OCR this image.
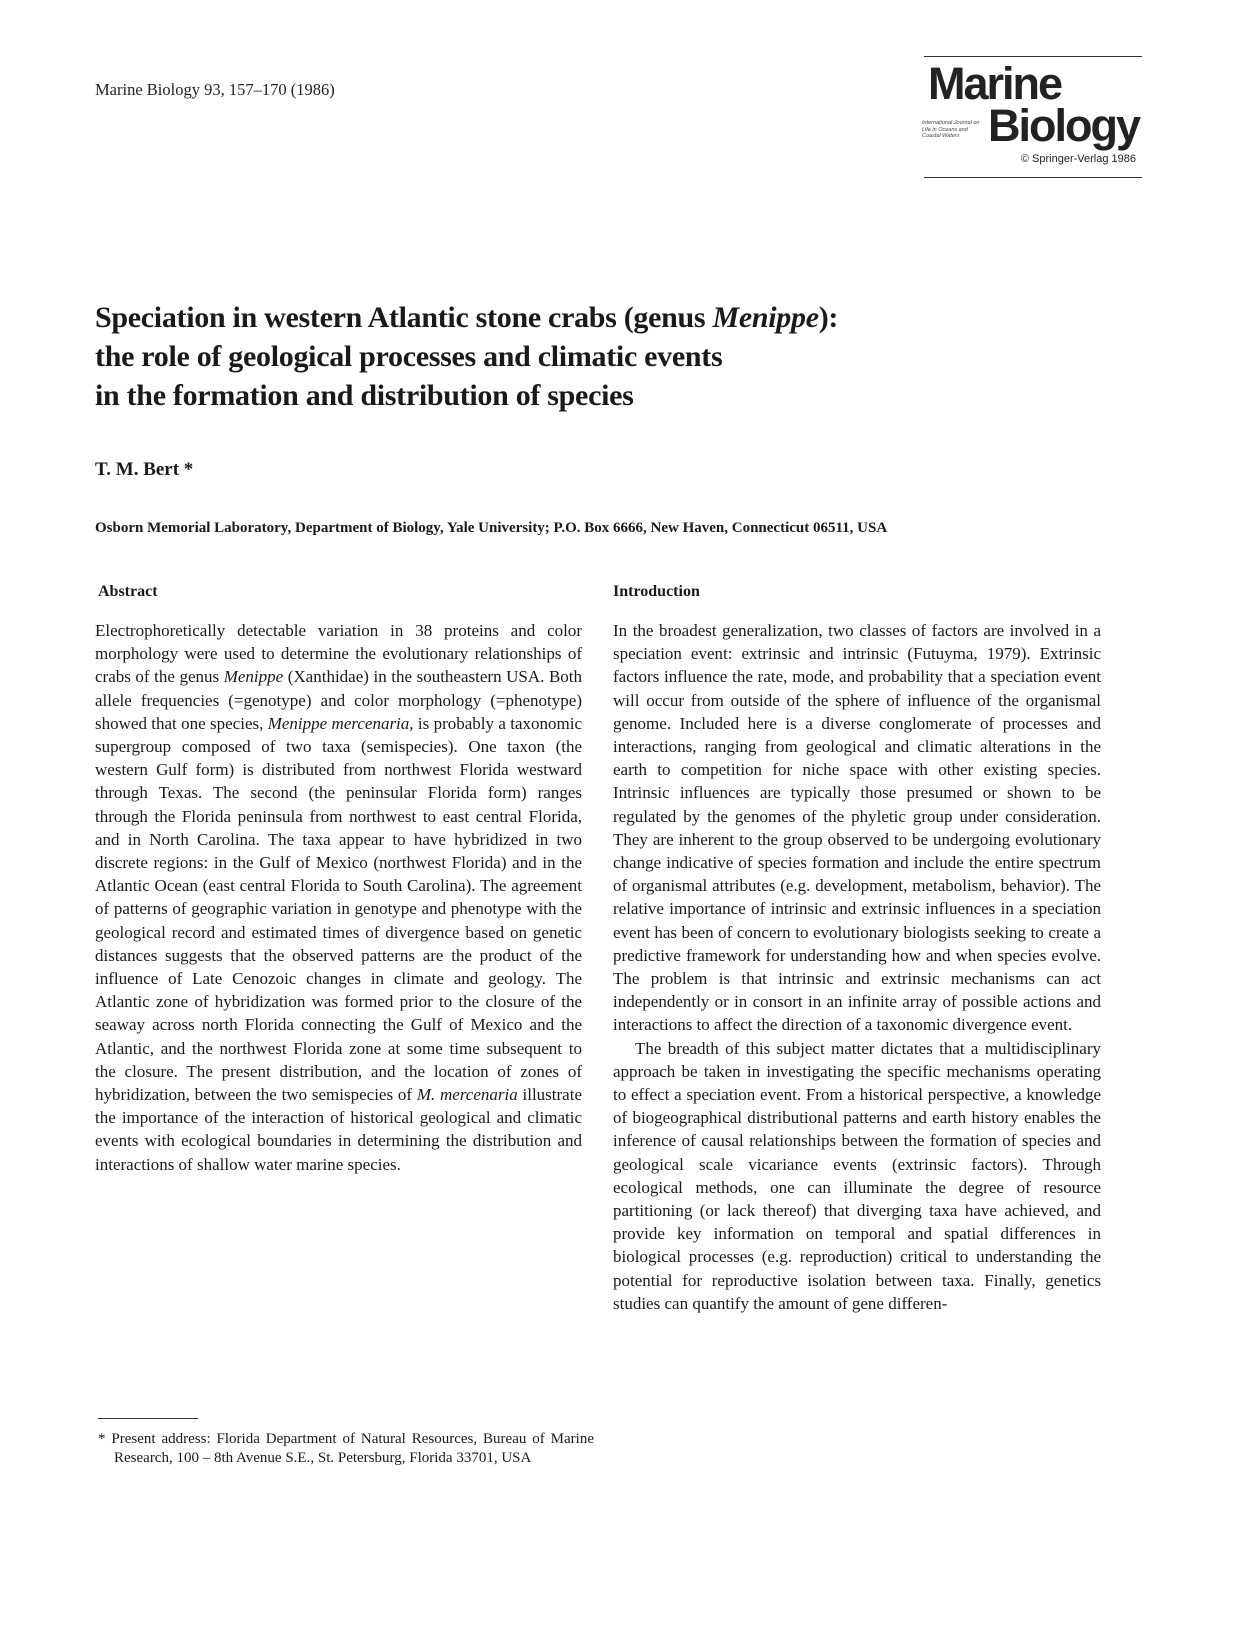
Marine Biology 93, 157–170 (1986)	Marine
International Journal on Life in Oceans and Coastal Waters Biology
© Springer-Verlag 1986
Speciation in western Atlantic stone crabs (genus Menippe):
the role of geological processes and climatic events
in the formation and distribution of species
T. M. Bert *
Osborn Memorial Laboratory, Department of Biology, Yale University; P.O. Box 6666, New Haven, Connecticut 06511, USA
Abstract	Introduction

Electrophoretically detectable variation in 38 proteins and color morphology were used to determine the evolutionary relationships of crabs of the genus Menippe (Xanthidae) in the southeastern USA. Both allele frequencies (=genotype) and color morphology (=phenotype) showed that one species, Menippe mercenaria, is probably a taxonomic supergroup composed of two taxa (semispecies). One taxon (the western Gulf form) is distributed from northwest Florida westward through Texas. The second (the peninsular Florida form) ranges through the Florida peninsula from northwest to east central Florida, and in North Carolina. The taxa appear to have hybridized in two discrete regions: in the Gulf of Mexico (northwest Florida) and in the Atlantic Ocean (east central Florida to South Carolina). The agreement of patterns of geographic variation in genotype and phenotype with the geological record and estimated times of divergence based on genetic distances suggests that the observed patterns are the product of the influence of Late Cenozoic changes in climate and geology. The Atlantic zone of hybridization was formed prior to the closure of the seaway across north Florida connecting the Gulf of Mexico and the Atlantic, and the northwest Florida zone at some time subsequent to the closure. The present distribution, and the location of zones of hybridization, between the two semispecies of M. mercenaria illustrate the importance of the interaction of historical geological and climatic events with ecological boundaries in determining the distribution and interactions of shallow water marine species.

In the broadest generalization, two classes of factors are involved in a speciation event: extrinsic and intrinsic (Futuyma, 1979). Extrinsic factors influence the rate, mode, and probability that a speciation event will occur from outside of the sphere of influence of the organismal genome. Included here is a diverse conglomerate of processes and interactions, ranging from geological and climatic alterations in the earth to competition for niche space with other existing species. Intrinsic influences are typically those presumed or shown to be regulated by the genomes of the phyletic group under consideration. They are inherent to the group observed to be undergoing evolutionary change indicative of species formation and include the entire spectrum of organismal attributes (e.g. development, metabolism, behavior). The relative importance of intrinsic and extrinsic influences in a speciation event has been of concern to evolutionary biologists seeking to create a predictive framework for understanding how and when species evolve. The problem is that intrinsic and extrinsic mechanisms can act independently or in consort in an infinite array of possible actions and interactions to affect the direction of a taxonomic divergence event.

The breadth of this subject matter dictates that a multidisciplinary approach be taken in investigating the specific mechanisms operating to effect a speciation event. From a historical perspective, a knowledge of biogeographical distributional patterns and earth history enables the inference of causal relationships between the formation of species and geological scale vicariance events (extrinsic factors). Through ecological methods, one can illuminate the degree of resource partitioning (or lack thereof) that diverging taxa have achieved, and provide key information on temporal and spatial differences in biological processes (e.g. reproduction) critical to understanding the potential for reproductive isolation between taxa. Finally, genetics studies can quantify the amount of gene differen-

* Present address: Florida Department of Natural Resources, Bureau of Marine Research, 100 – 8th Avenue S.E., St. Petersburg, Florida 33701, USA
